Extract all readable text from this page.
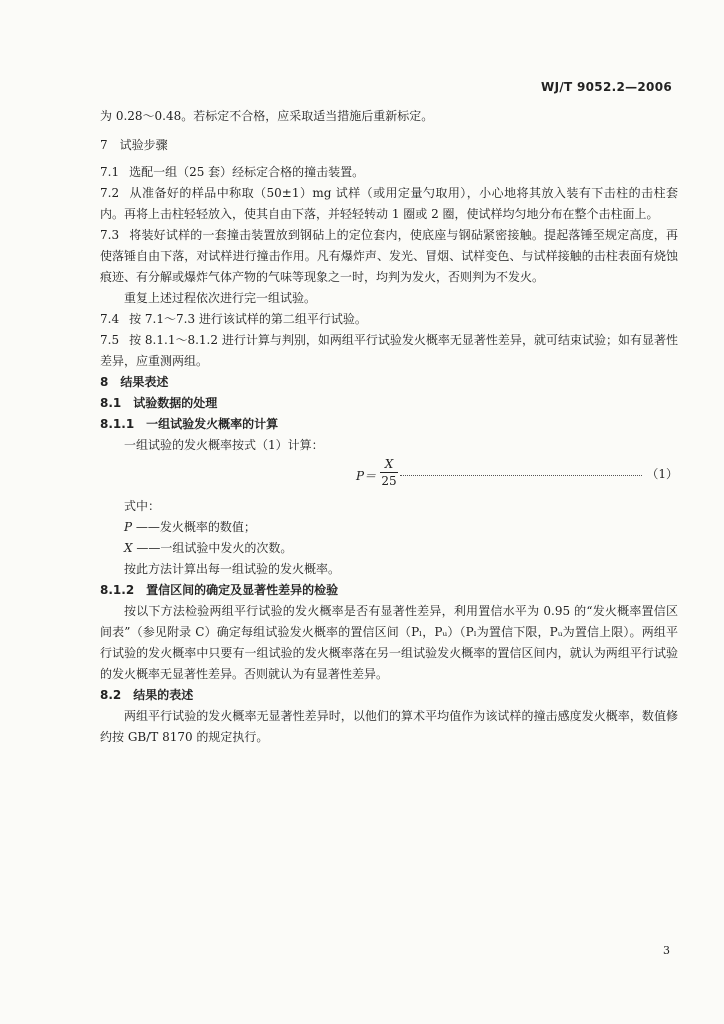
WJ/T 9052.2—2006

为 0.28～0.48。若标定不合格，应采取适当措施后重新标定。

7 试验步骤

7.1 选配一组（25 套）经标定合格的撞击装置。

7.2 从准备好的样品中称取（50±1）mg 试样（或用定量勺取用），小心地将其放入装有下击柱的击柱套内。再将上击柱轻轻放入，使其自由下落，并轻轻转动 1 圈或 2 圈，使试样均匀地分布在整个击柱面上。

7.3 将装好试样的一套撞击装置放到钢砧上的定位套内，使底座与钢砧紧密接触。提起落锤至规定高度，再使落锤自由下落，对试样进行撞击作用。凡有爆炸声、发光、冒烟、试样变色、与试样接触的击柱表面有烧蚀痕迹、有分解或爆炸气体产物的气味等现象之一时，均判为发火，否则判为不发火。

重复上述过程依次进行完一组试验。

7.4 按 7.1～7.3 进行该试样的第二组平行试验。

7.5 按 8.1.1～8.1.2 进行计算与判别，如两组平行试验发火概率无显著性差异，就可结束试验；如有显著性差异，应重测两组。

8 结果表述

8.1 试验数据的处理

8.1.1 一组试验发火概率的计算

一组试验的发火概率按式（1）计算：

P＝
X
25	（1）

式中：

P ——发火概率的数值；

X ——一组试验中发火的次数。

按此方法计算出每一组试验的发火概率。

8.1.2 置信区间的确定及显著性差异的检验

按以下方法检验两组平行试验的发火概率是否有显著性差异，利用置信水平为 0.95 的“发火概率置信区间表”（参见附录 C）确定每组试验发火概率的置信区间（Pₗ，Pᵤ）（Pₗ为置信下限，Pᵤ为置信上限）。两组平行试验的发火概率中只要有一组试验的发火概率落在另一组试验发火概率的置信区间内，就认为两组平行试验的发火概率无显著性差异。否则就认为有显著性差异。

8.2 结果的表述

两组平行试验的发火概率无显著性差异时，以他们的算术平均值作为该试样的撞击感度发火概率，数值修约按 GB/T 8170 的规定执行。

3
